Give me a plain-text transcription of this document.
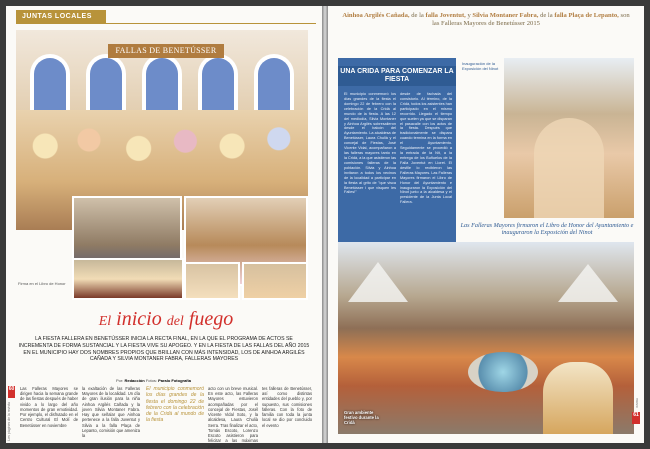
JUNTAS LOCALES
FALLAS DE BENETÚSSER
Firma en el Libro de Honor
El inicio del fuego
LA FIESTA FALLERA EN BENETÚSSER INICIA LA RECTA FINAL, EN LA QUE EL PROGRAMA DE ACTOS SE INCREMENTA DE FORMA SUSTANCIAL Y LA FIESTA VIVE SU APOGEO. Y EN LA FIESTA DE LAS FALLAS DEL AÑO 2015 EN EL MUNICIPIO HAY DOS NOMBRES PROPIOS QUE BRILLAN CON MÁS INTENSIDAD, LOS DE AINHOA ARGILÉS CAÑADA Y SILVIA MONTANER FABRA, FALLERAS MAYORES
Por: Redacción Fotos: Paralo Fotografía
Las Falleras Mayores se dirigen hacia la semana grande de las fiestas después de haber vivido a lo largo del año momentos de gran emotividad. Por ejemplo, el disfrutado en el Centro Cultural El Molí de Benetússer en noviembre
la exaltación de las Falleras Mayores de la localidad. Un día de gran ilusión para la niña Ainhoa Argilés Cañada y la joven Silvia Montaner Fabra. Hay que señalar que Ainhoa pertenece a la falla Juventut y Silvia a la falla Plaça de Lepanto, comisión que ameniza la
El municipio conmemoró los días grandes de la fiesta el domingo 22 de febrero con la celebración de la Cridà al mundo de la fiesta
acto con un breve musical. En este acto, las Falleras Mayores estuvieron acompañadas por el concejal de Fiestas, Josél Vicente Vidal Soto, y la alcaldesa, Laura Chulià Serra. Tras finalizar el acto, Tomás Escoto, Lorenzo Escoto asistieron para felicitar a las máximas representan-
tes falleras de Benetússer, así como distintas entidades del pueblo y, por supuesto, sus comisiones falleras. Con la foto de familia con toda la junta local se dio por concluido el evento
60
Les pàgines de la revista
Ainhoa Argilés Cañada, de la falla Joventut, y Silvia Montaner Fabra, de la falla Plaça de Lepanto, son las Falleras Mayores de Benetússer 2015
UNA CRIDA PARA COMENZAR LA FIESTA
El municipio conmemoró los días grandes de la fiesta el domingo 22 de febrero con la celebración de la Cridà al mundo de la fiesta. A las 12 del mediodía, Silvia Montaner y Ainhoa Argilés sobresalieron desde el balcón del Ayuntamiento. La alcaldesa de Benetússer, Laura Chulià y el concejal de Fiestas, José Vicente Vidal, acompañaron a las falleras mayores tanto en la Cridà, a la que asistieron las comisiones falleras de la población. Silvia y Ainhoa invitaron a todos los vecinos de la localidad a participar en la fiesta al grito de "que visca Benetússer i que visquen les Falles!"
desde de fachada del consistorio. Al término, de la Cridà, todos los asistentes han participado en el mismo recorrido. Llegado el tiempo que suelen ya que se disparan el pasacalle con los actos de la fiesta. Después que tradicionalmente se dispara cuando termina en la forma en el Ayuntamiento. Seguidamente se procedió a la entrada de la Nit, a la entrega de los Buñuelos de la Falla Joventut en Lloret. El desfile lo recibieron las Falleras Mayores. Las Falleras Mayores firmaron el Libro de Honor del Ayuntamiento e inauguraron la Exposición del Ninot junto a la alcaldesa y el presidente de la Junta Local Fallera.
Inauguración de la Exposición del Ninot
Las Falleras Mayores firmaron el Libro de Honor del Ayuntamiento e inauguraron la Exposición del Ninot
Gran ambiente festivo durante la Cridà
61
marzo
